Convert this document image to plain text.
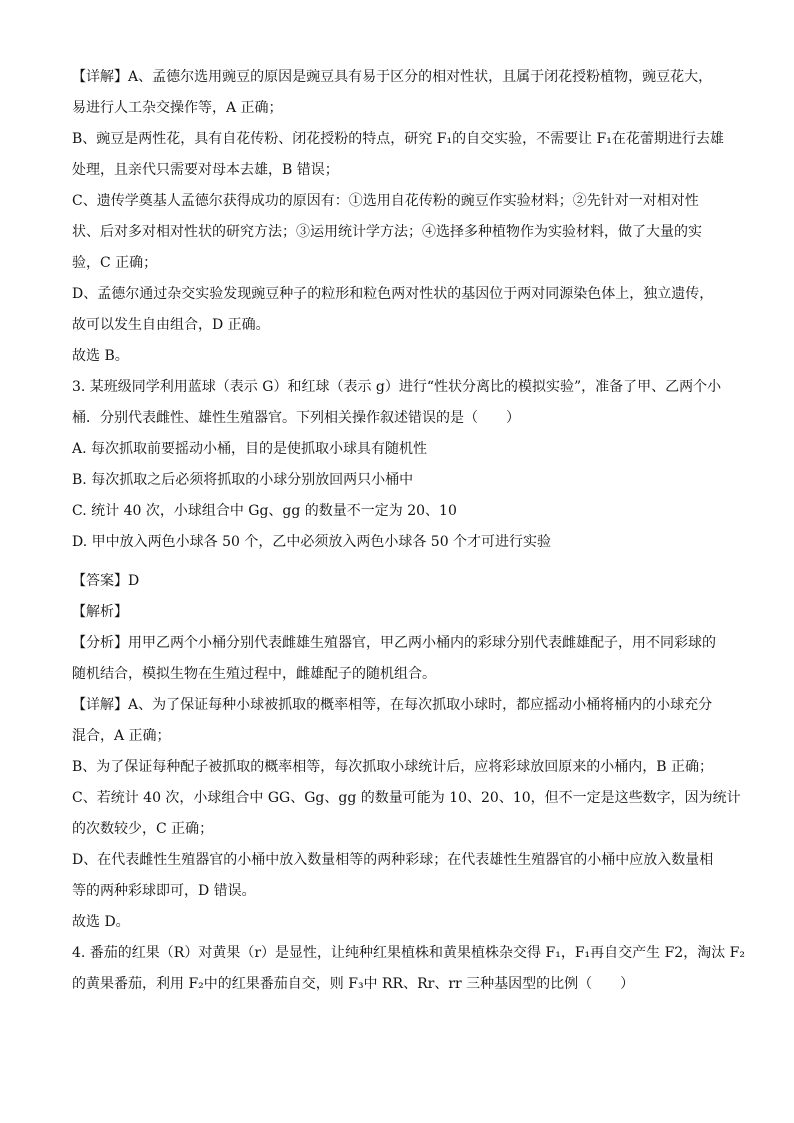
【详解】A、孟德尔选用豌豆的原因是豌豆具有易于区分的相对性状，且属于闭花授粉植物，豌豆花大，

易进行人工杂交操作等，A 正确；

B、豌豆是两性花，具有自花传粉、闭花授粉的特点，研究 F₁的自交实验，不需要让 F₁在花蕾期进行去雄

处理，且亲代只需要对母本去雄，B 错误；

C、遗传学奠基人孟德尔获得成功的原因有：①选用自花传粉的豌豆作实验材料；②先针对一对相对性

状、后对多对相对性状的研究方法；③运用统计学方法；④选择多种植物作为实验材料，做了大量的实

验，C 正确；

D、孟德尔通过杂交实验发现豌豆种子的粒形和粒色两对性状的基因位于两对同源染色体上，独立遗传，

故可以发生自由组合，D 正确。

故选 B。

3. 某班级同学利用蓝球（表示 G）和红球（表示 g）进行“性状分离比的模拟实验”，准备了甲、乙两个小

桶．分别代表雌性、雄性生殖器官。下列相关操作叙述错误的是（　　）

A. 每次抓取前要摇动小桶，目的是使抓取小球具有随机性

B. 每次抓取之后必须将抓取的小球分别放回两只小桶中

C. 统计 40 次，小球组合中 Gg、gg 的数量不一定为 20、10

D. 甲中放入两色小球各 50 个，乙中必须放入两色小球各 50 个才可进行实验

【答案】D

【解析】

【分析】用甲乙两个小桶分别代表雌雄生殖器官，甲乙两小桶内的彩球分别代表雌雄配子，用不同彩球的

随机结合，模拟生物在生殖过程中，雌雄配子的随机组合。

【详解】A、为了保证每种小球被抓取的概率相等，在每次抓取小球时，都应摇动小桶将桶内的小球充分

混合，A 正确；

B、为了保证每种配子被抓取的概率相等，每次抓取小球统计后，应将彩球放回原来的小桶内，B 正确；

C、若统计 40 次，小球组合中 GG、Gg、gg 的数量可能为 10、20、10，但不一定是这些数字，因为统计

的次数较少，C 正确；

D、在代表雌性生殖器官的小桶中放入数量相等的两种彩球；在代表雄性生殖器官的小桶中应放入数量相

等的两种彩球即可，D 错误。

故选 D。

4. 番茄的红果（R）对黄果（r）是显性，让纯种红果植株和黄果植株杂交得 F₁，F₁再自交产生 F2，淘汰 F₂

的黄果番茄，利用 F₂中的红果番茄自交，则 F₃中 RR、Rr、rr 三种基因型的比例（　　）
